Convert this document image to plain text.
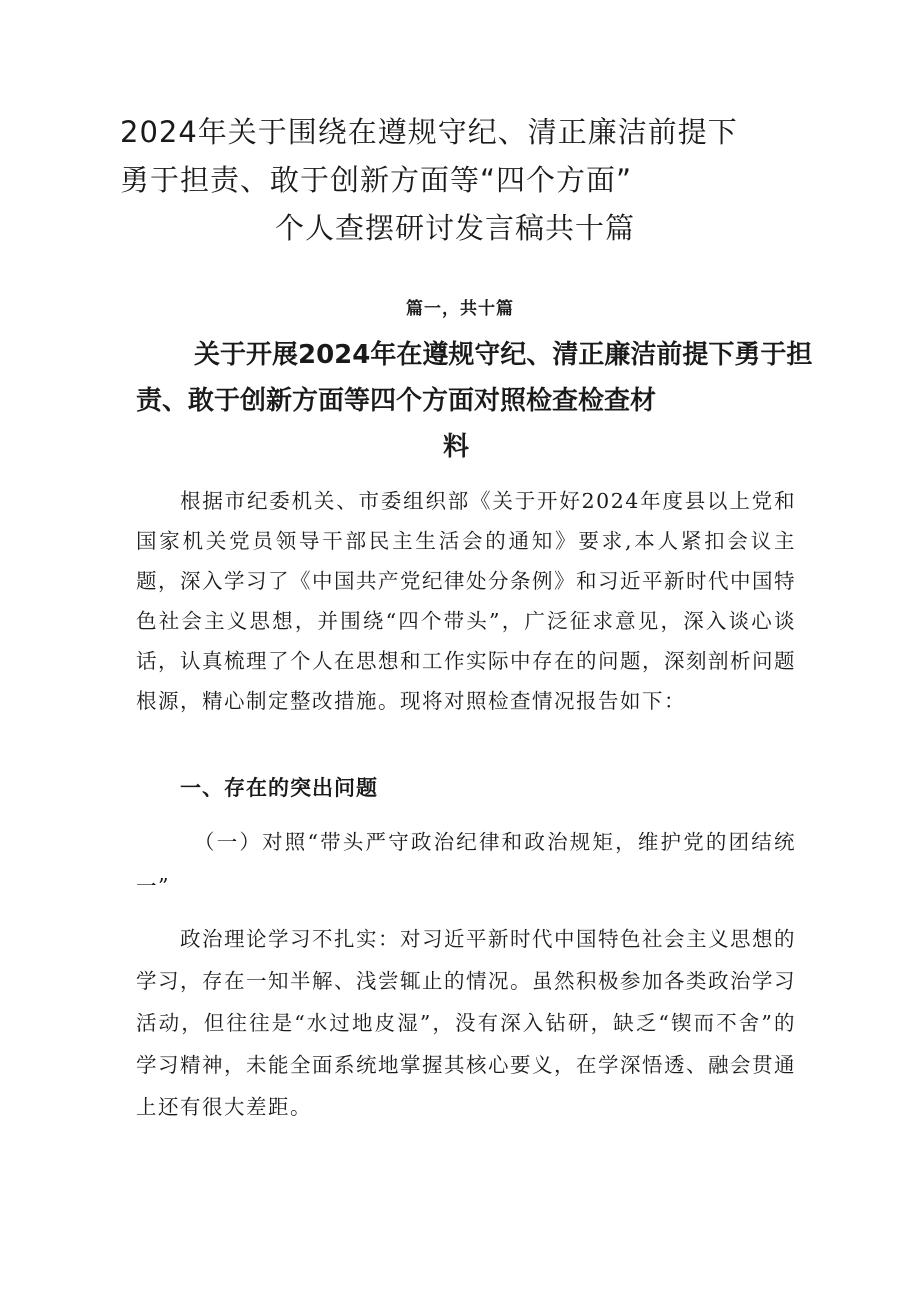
2024年关于围绕在遵规守纪、清正廉洁前提下
勇于担责、敢于创新方面等“四个方面”
个人查摆研讨发言稿共十篇
篇一，共十篇
关于开展2024年在遵规守纪、清正廉洁前提下勇于担
责、敢于创新方面等四个方面对照检查检查材
料
根据市纪委机关、市委组织部《关于开好2024年度县以上党和国家机关党员领导干部民主生活会的通知》要求,本人紧扣会议主题，深入学习了《中国共产党纪律处分条例》和习近平新时代中国特色社会主义思想，并围绕“四个带头”，广泛征求意见，深入谈心谈话，认真梳理了个人在思想和工作实际中存在的问题，深刻剖析问题根源，精心制定整改措施。现将对照检查情况报告如下：
一、存在的突出问题
（一）对照“带头严守政治纪律和政治规矩，维护党的团结统一”
政治理论学习不扎实：对习近平新时代中国特色社会主义思想的学习，存在一知半解、浅尝辄止的情况。虽然积极参加各类政治学习活动，但往往是“水过地皮湿”，没有深入钻研，缺乏“锲而不舍”的学习精神，未能全面系统地掌握其核心要义，在学深悟透、融会贯通上还有很大差距。
